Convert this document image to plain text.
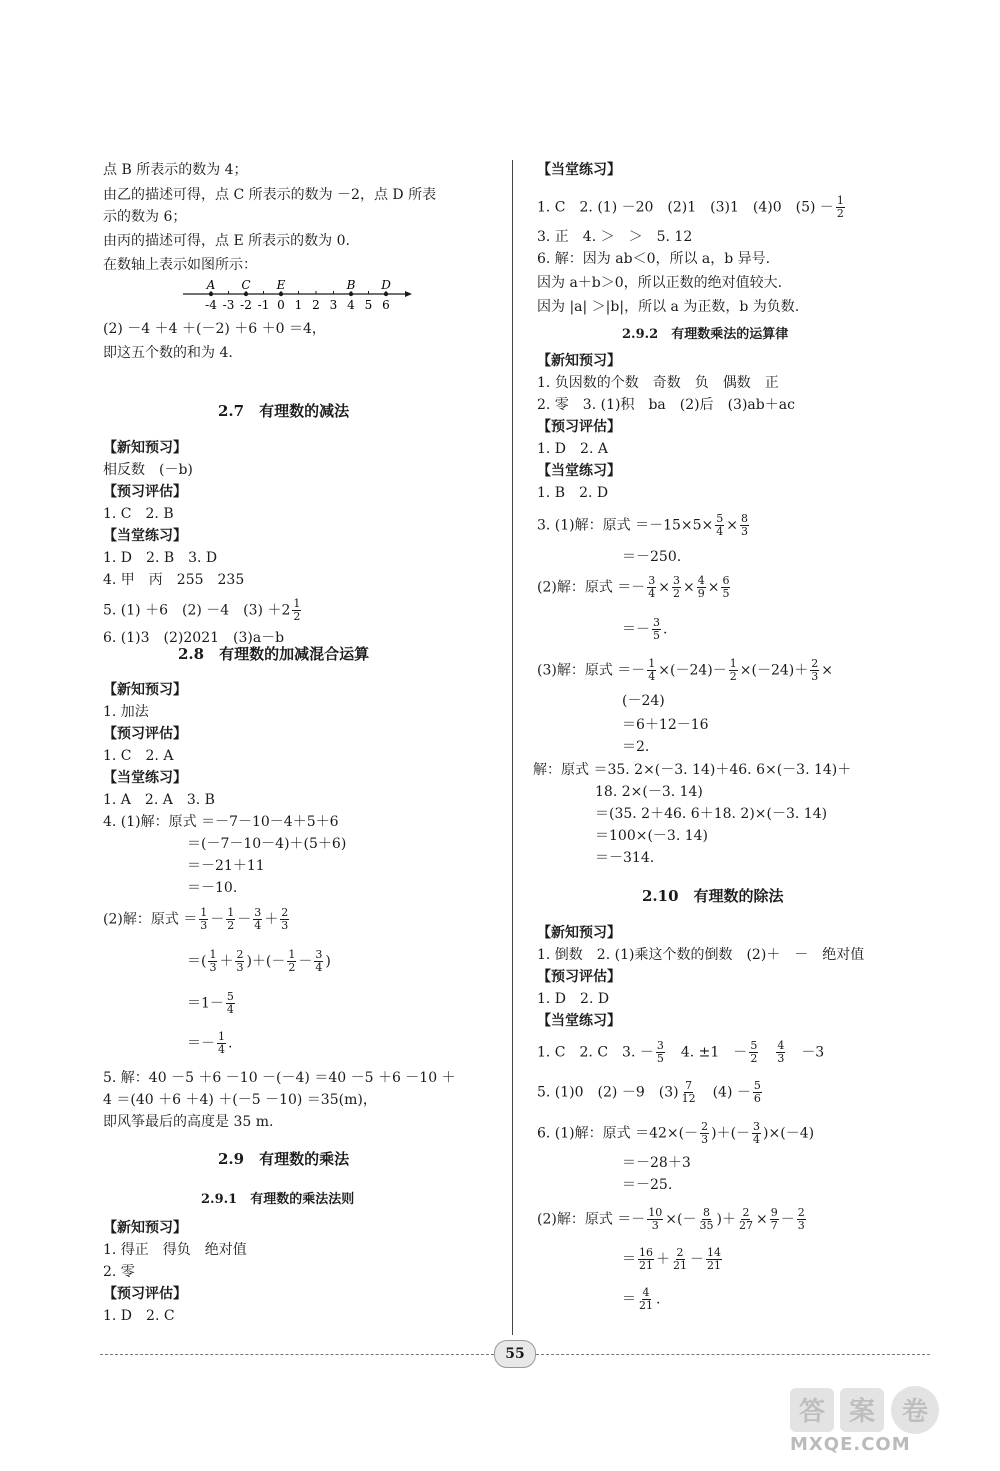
点 B 所表示的数为 4；
由乙的描述可得，点 C 所表示的数为 －2，点 D 所表
示的数为 6；
由丙的描述可得，点 E 所表示的数为 0.
在数轴上表示如图所示：
A C E	B D
-4 -3 -2 -1 0 1 2 3 4 5 6
(2) －4 ＋4 ＋(－2) ＋6 ＋0 ＝4，
即这五个数的和为 4.
2.7　有理数的减法
【新知预习】
相反数　(－b)
【预习评估】
1. C　2. B
【当堂练习】
1. D　2. B　3. D
4. 甲　丙　255　235
5. (1) ＋6　(2) －4　$(3) +2 \frac{1}{2}$
6. (1)3　(2)2021　(3)a－b
2.8　有理数的加减混合运算
【新知预习】
1. 加法
【预习评估】
1. C　2. A
【当堂练习】
1. A　2. A　3. B
4. (1)解：原式 ＝－7－10－4＋5＋6
＝(－7－10－4)＋(5＋6)
＝－21＋11
＝－10.
(2)解：原式 ＝ $\frac{1}{3} - \frac{1}{2} - \frac{3}{4} + \frac{2}{3}$
＝( $\frac{1}{3} + \frac{2}{3}$ )＋(－ $\frac{1}{2} - \frac{3}{4}$ )
$=1- \frac{5}{4}$
＝－ $\frac{1}{4}$ .
5. 解：40 －5 ＋6 －10 －(－4) ＝40 －5 ＋6 －10 ＋
4 ＝(40 ＋6 ＋4) ＋(－5 －10) ＝35(m)，
即风筝最后的高度是 35 m.
2.9　有理数的乘法
2.9.1　有理数的乘法法则
【新知预习】
1. 得正　得负　绝对值
2. 零
【预习评估】
1. D　2. C
【当堂练习】
1. C　2. (1) －20　(2)1　(3)1　(4)0　$(5) - \frac{1}{2}$
3. 正　4. ＞　＞　5. 12
6. 解：因为 ab＜0，所以 a，b 异号.
因为 a＋b＞0，所以正数的绝对值较大.
因为 |a| ＞|b|，所以 a 为正数，b 为负数.
2.9.2　有理数乘法的运算律
【新知预习】
1. 负因数的个数　奇数　负　偶数　正
2. 零　3. (1)积　ba　(2)后　(3)ab＋ac
【预习评估】
1. D　2. A
【当堂练习】
1. B　2. D
3. (1)解：原式 $=-15\times 5\times \frac{5}{4} \times \frac{8}{3}$
＝－250.
(2)解：原式 ＝－ $\frac{3}{4} \times \frac{3}{2} \times \frac{4}{9} \times \frac{6}{5}$
＝－ $\frac{3}{5}$ .
(3)解：原式 ＝－ $\frac{1}{4} \times(-24)- \frac{1}{2} \times(-24)+ \frac{2}{3}$ ×
(－24)
＝6＋12－16
＝2.
解：原式 ＝35. 2×(－3. 14)＋46. 6×(－3. 14)＋
18. 2×(－3. 14)
＝(35. 2＋46. 6＋18. 2)×(－3. 14)
＝100×(－3. 14)
＝－314.
2.10　有理数的除法
【新知预习】
1. 倒数　2. (1)乘这个数的倒数　(2)＋　－　绝对值
【预习评估】
1. D　2. D
【当堂练习】
1. C　2. C　3. － $\frac{3}{5}$
　 4. ±1　－ $\frac{5}{2}$
　 $\frac{4}{3}$
　 －3
5. (1)0　(2) －9　$(3) \frac{7}{12}$
　 $(4) - \frac{5}{6}$
6. (1)解：原式 $=42\times(- \frac{2}{3}$ )＋(－ $\frac{3}{4} )\times(-4)$
＝－28＋3
＝－25.
(2)解：原式 ＝－ $\frac{10}{3}$ ×(－ $\frac{8}{35}$ )＋ $\frac{2}{27} \times \frac{9}{7} - \frac{2}{3}$
＝ $\frac{16}{21} + \frac{2}{21} - \frac{14}{21}$
＝ $\frac{4}{21}$ .
55
卷
答 案
MXQE.COM
